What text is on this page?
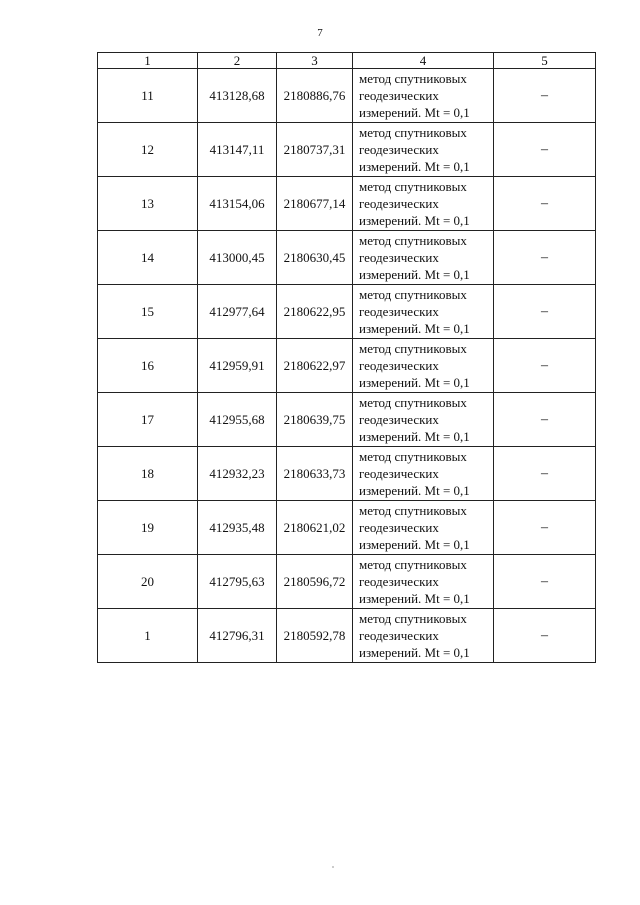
7
1	2	3	4	5
11	413128,68	2180886,76	метод спутниковых
геодезических
измерений. Mt = 0,1	–
12	413147,11	2180737,31	метод спутниковых
геодезических
измерений. Mt = 0,1	–
13	413154,06	2180677,14	метод спутниковых
геодезических
измерений. Mt = 0,1	–
14	413000,45	2180630,45	метод спутниковых
геодезических
измерений. Mt = 0,1	–
15	412977,64	2180622,95	метод спутниковых
геодезических
измерений. Mt = 0,1	–
16	412959,91	2180622,97	метод спутниковых
геодезических
измерений. Mt = 0,1	–
17	412955,68	2180639,75	метод спутниковых
геодезических
измерений. Mt = 0,1	–
18	412932,23	2180633,73	метод спутниковых
геодезических
измерений. Mt = 0,1	–
19	412935,48	2180621,02	метод спутниковых
геодезических
измерений. Mt = 0,1	–
20	412795,63	2180596,72	метод спутниковых
геодезических
измерений. Mt = 0,1	–
1	412796,31	2180592,78	метод спутниковых
геодезических
измерений. Mt = 0,1	–
